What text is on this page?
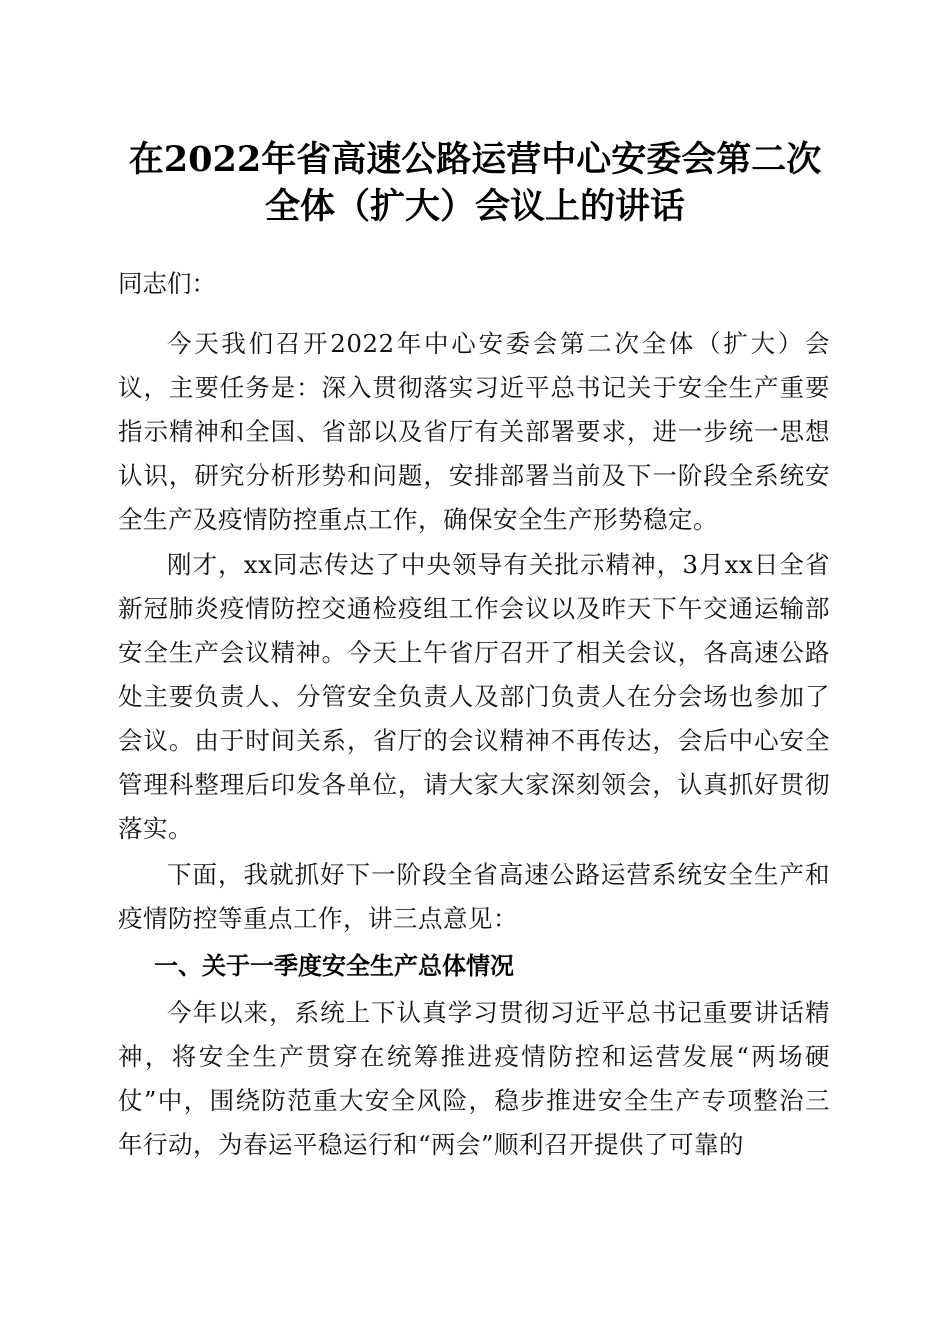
在2022年省高速公路运营中心安委会第二次
全体（扩大）会议上的讲话
同志们：
今天我们召开2022年中心安委会第二次全体（扩大）会议，主要任务是：深入贯彻落实习近平总书记关于安全生产重要指示精神和全国、省部以及省厅有关部署要求，进一步统一思想认识，研究分析形势和问题，安排部署当前及下一阶段全系统安全生产及疫情防控重点工作，确保安全生产形势稳定。
刚才，xx同志传达了中央领导有关批示精神，3月xx日全省新冠肺炎疫情防控交通检疫组工作会议以及昨天下午交通运输部安全生产会议精神。今天上午省厅召开了相关会议，各高速公路处主要负责人、分管安全负责人及部门负责人在分会场也参加了会议。由于时间关系，省厅的会议精神不再传达，会后中心安全管理科整理后印发各单位，请大家大家深刻领会，认真抓好贯彻落实。
下面，我就抓好下一阶段全省高速公路运营系统安全生产和疫情防控等重点工作，讲三点意见：
一、关于一季度安全生产总体情况
今年以来，系统上下认真学习贯彻习近平总书记重要讲话精神，将安全生产贯穿在统筹推进疫情防控和运营发展“两场硬仗”中，围绕防范重大安全风险，稳步推进安全生产专项整治三年行动，为春运平稳运行和“两会”顺利召开提供了可靠的
